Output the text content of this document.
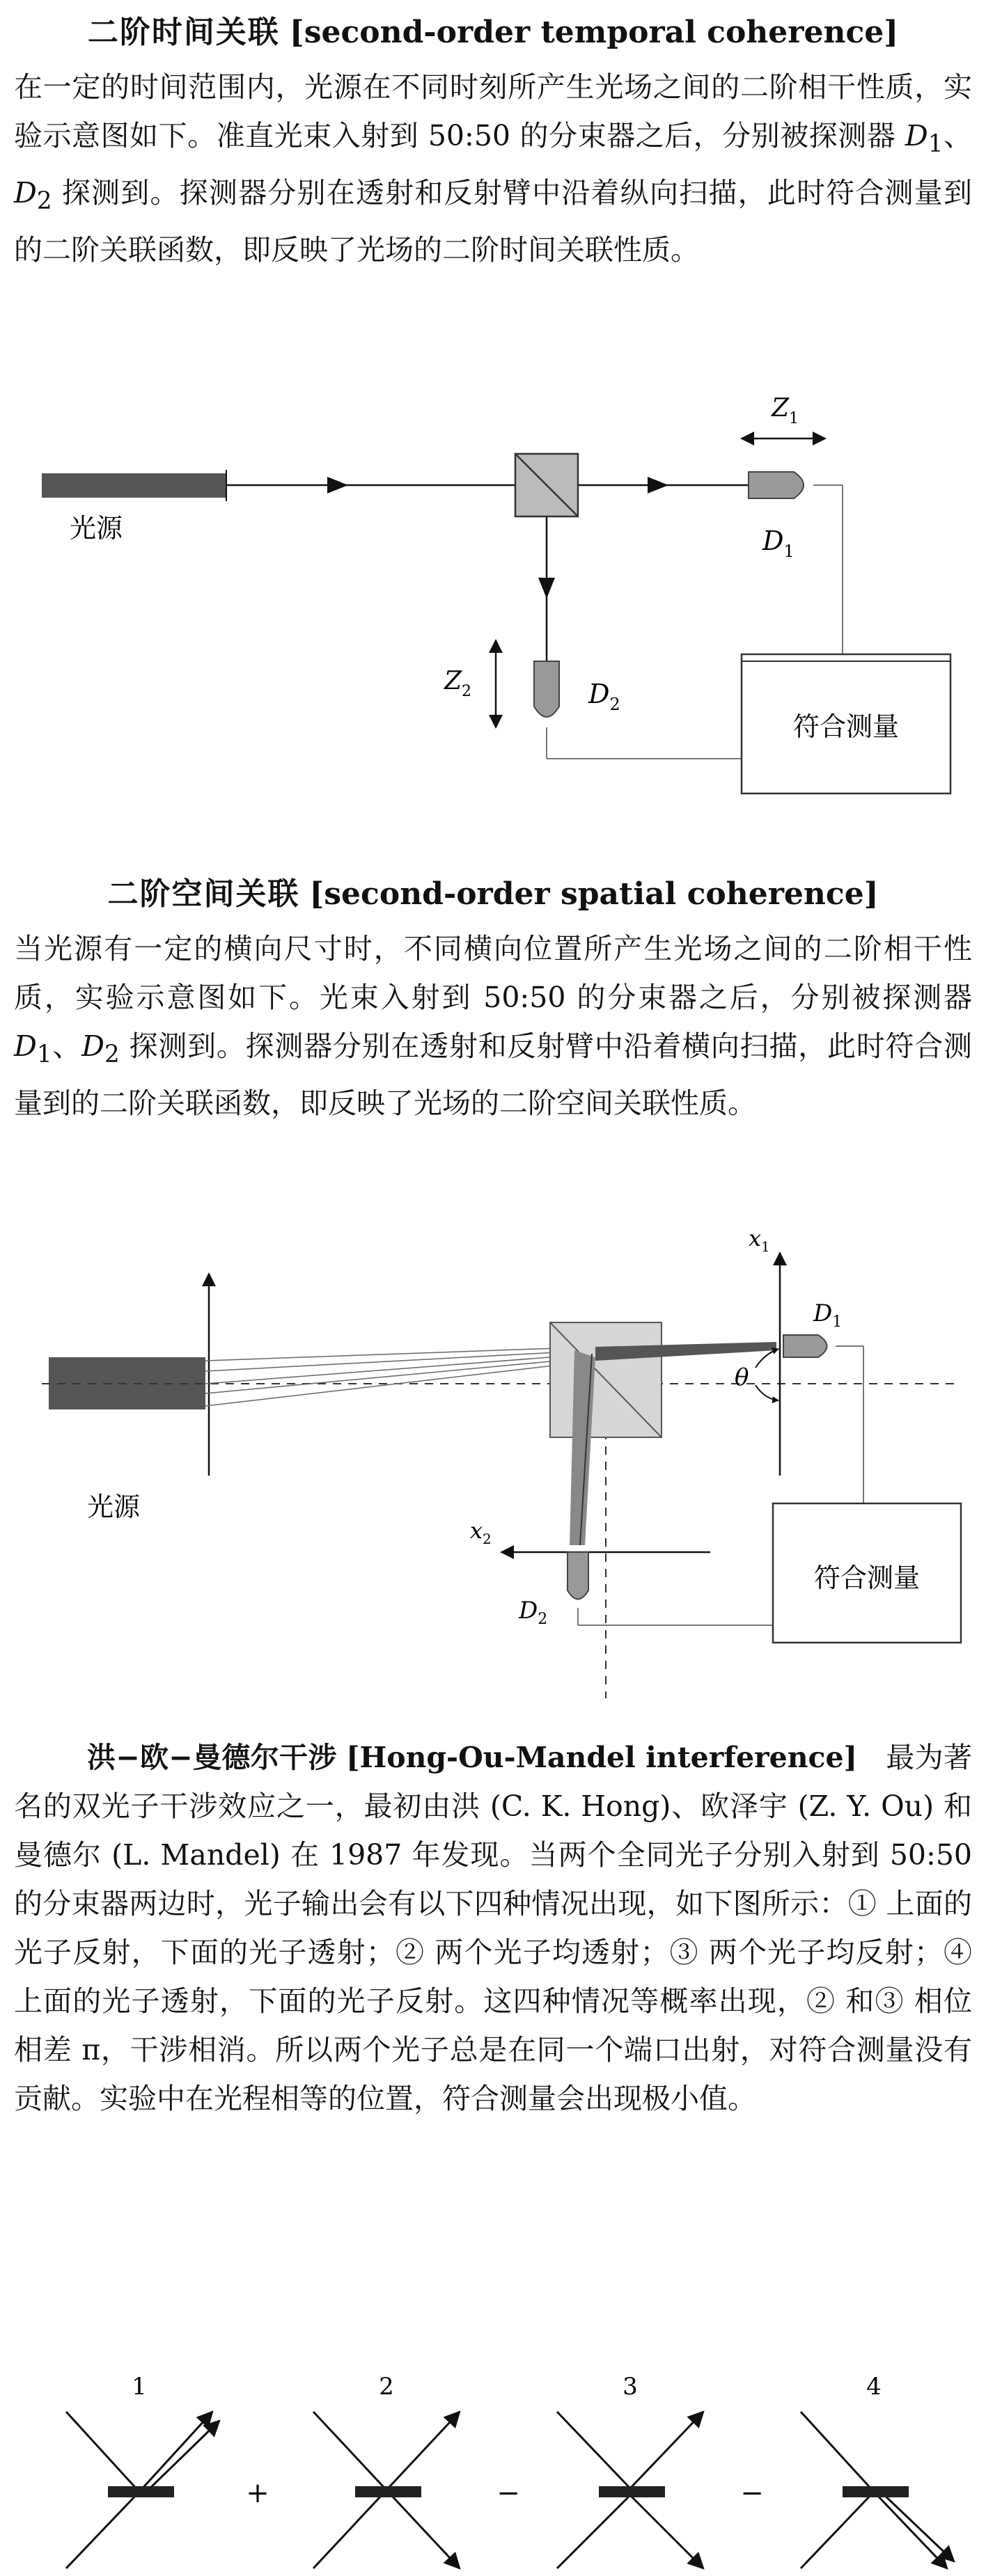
二阶时间关联 [second-order temporal coherence]

在一定的时间范围内，光源在不同时刻所产生光场之间的二阶相干性质，实验示意图如下。准直光束入射到 50:50 的分束器之后，分别被探测器 $D_1$、$D_2$ 探测到。探测器分别在透射和反射臂中沿着纵向扫描，此时符合测量到的二阶关联函数，即反映了光场的二阶时间关联性质。

光源	$D_1$
$Z_1$
$D_2$
$Z_2$
符合测量
二阶空间关联 [second-order spatial coherence]

当光源有一定的横向尺寸时，不同横向位置所产生光场之间的二阶相干性质，实验示意图如下。光束入射到 50:50 的分束器之后，分别被探测器 $D_1$、$D_2$ 探测到。探测器分别在透射和反射臂中沿着横向扫描，此时符合测量到的二阶关联函数，即反映了光场的二阶空间关联性质。

光源
$x_1$
$D_1$
θ
$x_2$
$D_2$
符合测量

洪−欧−曼德尔干涉 [Hong-Ou-Mandel interference]  最为著名的双光子干涉效应之一，最初由洪 (C. K. Hong)、欧泽宇 (Z. Y. Ou) 和曼德尔 (L. Mandel) 在 1987 年发现。当两个全同光子分别入射到 50:50 的分束器两边时，光子输出会有以下四种情况出现，如下图所示：① 上面的光子反射，下面的光子透射；② 两个光子均透射；③ 两个光子均反射；④ 上面的光子透射，下面的光子反射。这四种情况等概率出现，② 和③ 相位相差 π，干涉相消。所以两个光子总是在同一个端口出射，对符合测量没有贡献。实验中在光程相等的位置，符合测量会出现极小值。

1	2	3	4
+	−	−
